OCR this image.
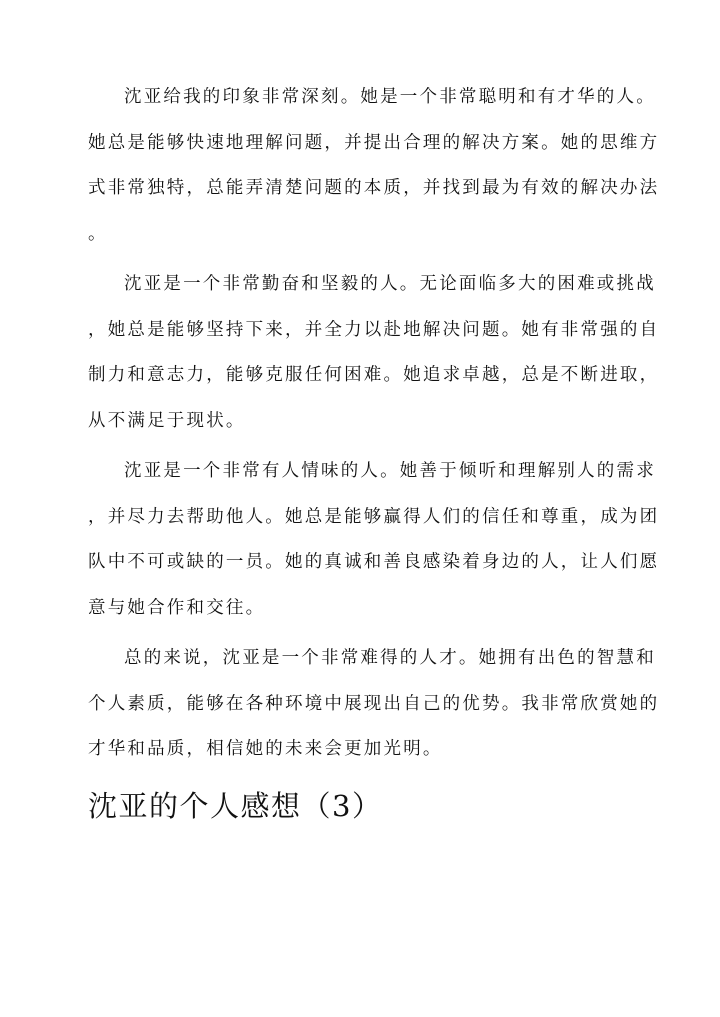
沈亚给我的印象非常深刻。她是一个非常聪明和有才华的人。
她总是能够快速地理解问题，并提出合理的解决方案。她的思维方
式非常独特，总能弄清楚问题的本质，并找到最为有效的解决办法
。
沈亚是一个非常勤奋和坚毅的人。无论面临多大的困难或挑战
，她总是能够坚持下来，并全力以赴地解决问题。她有非常强的自
制力和意志力，能够克服任何困难。她追求卓越，总是不断进取，
从不满足于现状。
沈亚是一个非常有人情味的人。她善于倾听和理解别人的需求
，并尽力去帮助他人。她总是能够赢得人们的信任和尊重，成为团
队中不可或缺的一员。她的真诚和善良感染着身边的人，让人们愿
意与她合作和交往。
总的来说，沈亚是一个非常难得的人才。她拥有出色的智慧和
个人素质，能够在各种环境中展现出自己的优势。我非常欣赏她的
才华和品质，相信她的未来会更加光明。
沈亚的个人感想（3）
